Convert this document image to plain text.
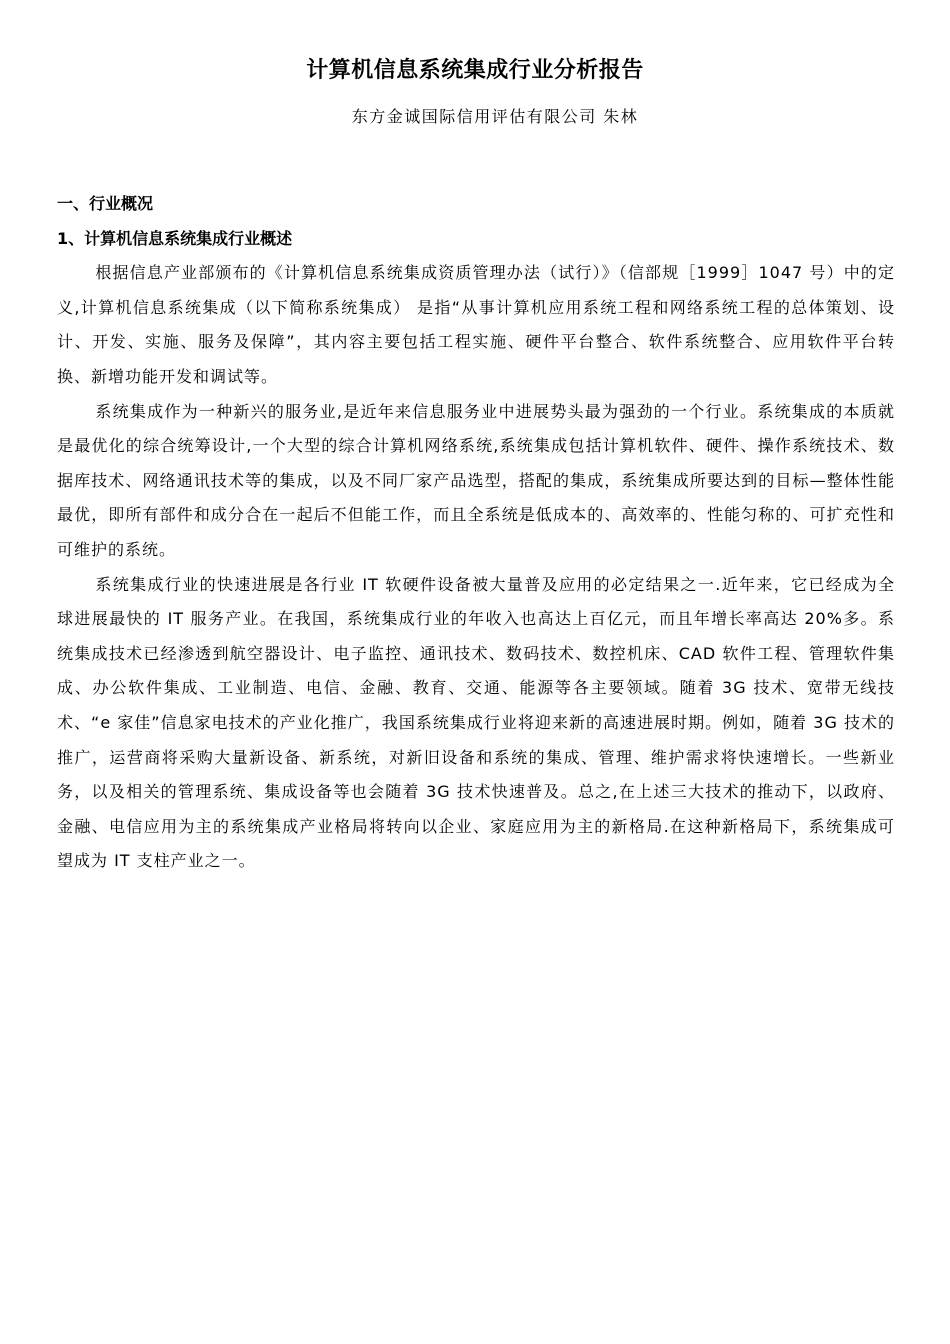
计算机信息系统集成行业分析报告
东方金诚国际信用评估有限公司 朱林
一、行业概况
1、计算机信息系统集成行业概述

根据信息产业部颁布的《计算机信息系统集成资质管理办法（试行）》（信部规［1999］1047 号）中的定义,计算机信息系统集成（以下简称系统集成） 是指“从事计算机应用系统工程和网络系统工程的总体策划、设计、开发、实施、服务及保障”，其内容主要包括工程实施、硬件平台整合、软件系统整合、应用软件平台转换、新增功能开发和调试等。

系统集成作为一种新兴的服务业,是近年来信息服务业中进展势头最为强劲的一个行业。系统集成的本质就是最优化的综合统筹设计,一个大型的综合计算机网络系统,系统集成包括计算机软件、硬件、操作系统技术、数据库技术、网络通讯技术等的集成，以及不同厂家产品选型，搭配的集成，系统集成所要达到的目标—整体性能最优，即所有部件和成分合在一起后不但能工作，而且全系统是低成本的、高效率的、性能匀称的、可扩充性和可维护的系统。

系统集成行业的快速进展是各行业 IT 软硬件设备被大量普及应用的必定结果之一.近年来，它已经成为全球进展最快的 IT 服务产业。在我国，系统集成行业的年收入也高达上百亿元，而且年增长率高达 20%多。系统集成技术已经渗透到航空器设计、电子监控、通讯技术、数码技术、数控机床、CAD 软件工程、管理软件集成、办公软件集成、工业制造、电信、金融、教育、交通、能源等各主要领域。随着 3G 技术、宽带无线技术、“e 家佳”信息家电技术的产业化推广，我国系统集成行业将迎来新的高速进展时期。例如，随着 3G 技术的推广，运营商将采购大量新设备、新系统，对新旧设备和系统的集成、管理、维护需求将快速增长。一些新业务，以及相关的管理系统、集成设备等也会随着 3G 技术快速普及。总之,在上述三大技术的推动下，以政府、金融、电信应用为主的系统集成产业格局将转向以企业、家庭应用为主的新格局.在这种新格局下，系统集成可望成为 IT 支柱产业之一。
